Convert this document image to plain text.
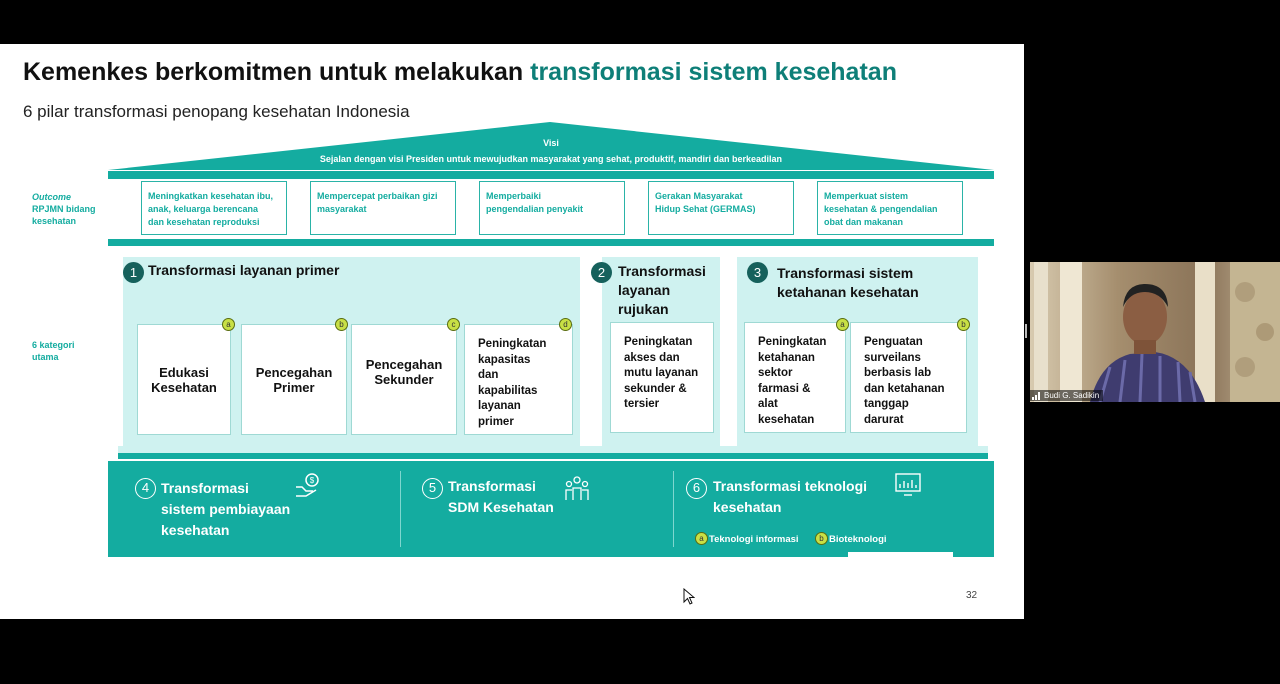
Kemenkes berkomitmen untuk melakukan transformasi sistem kesehatan
6 pilar transformasi penopang kesehatan Indonesia
Visi
Sejalan dengan visi Presiden untuk mewujudkan masyarakat yang sehat, produktif, mandiri dan berkeadilan
Outcome
RPJMN bidang
kesehatan
Meningkatkan kesehatan ibu,
anak, keluarga berencana
dan kesehatan reproduksi
Mempercepat perbaikan gizi
masyarakat
Memperbaiki
pengendalian penyakit
Gerakan Masyarakat
Hidup Sehat (GERMAS)
Memperkuat sistem
kesehatan & pengendalian
obat dan makanan
6 kategori
utama
1 Transformasi layanan primer
Edukasi
Kesehatan
a
Pencegahan
Primer
b
Pencegahan
Sekunder
c
Peningkatan
kapasitas
dan
kapabilitas
layanan
primer
d
2 Transformasi
layanan
rujukan
Peningkatan
akses dan
mutu layanan
sekunder &
tersier
3	Transformasi sistem
ketahanan kesehatan
Peningkatan
ketahanan
sektor
farmasi &
alat
kesehatan
a
Penguatan
surveilans
berbasis lab
dan ketahanan
tanggap
darurat
b
4 Transformasi
sistem pembiayaan
kesehatan
$	5 Transformasi
SDM Kesehatan
6 Transformasi teknologi
kesehatan
a Teknologi informasi	b Bioteknologi
32
Budi G. Sadikin
